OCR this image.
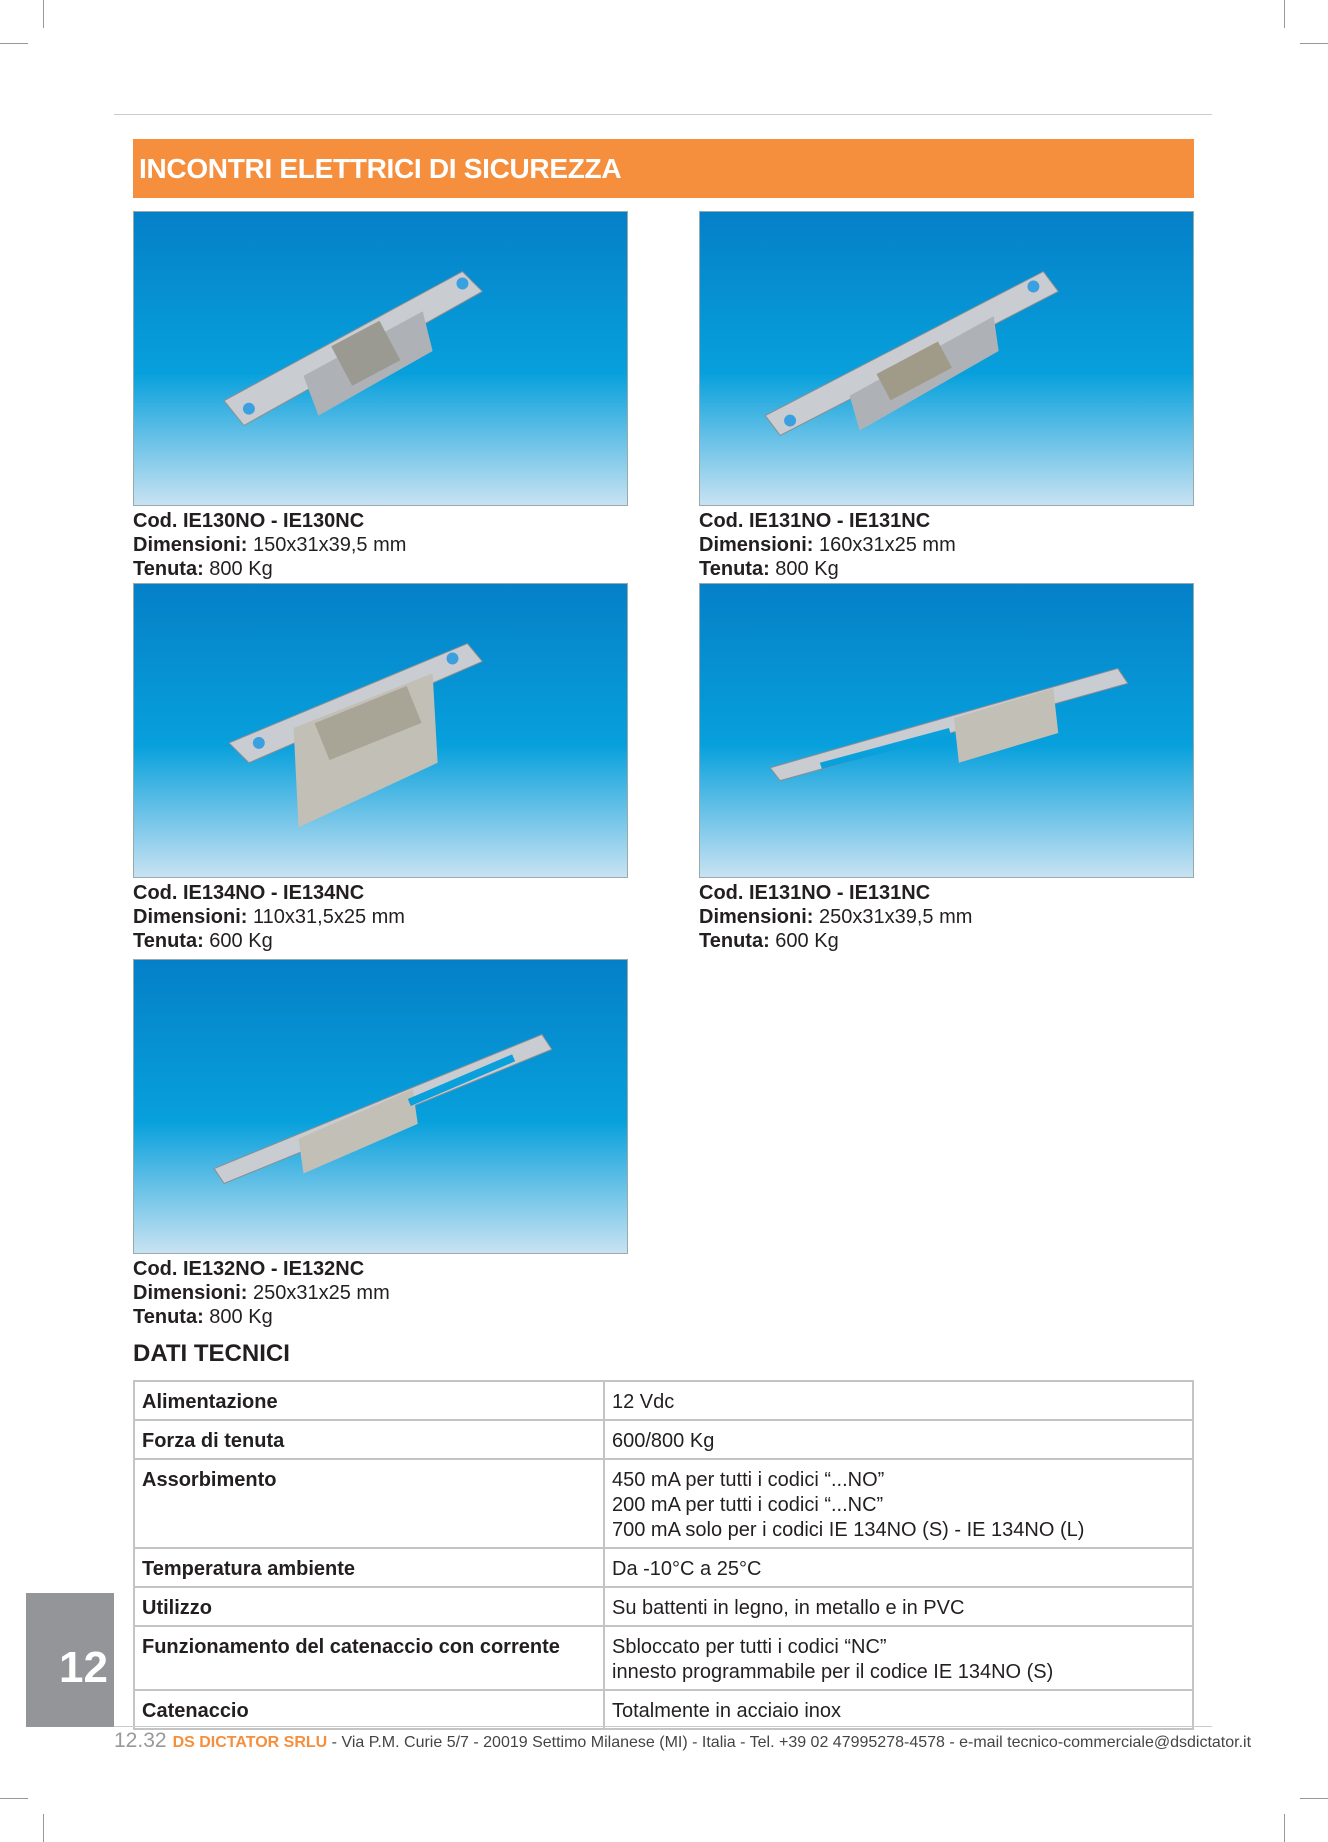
INCONTRI ELETTRICI DI SICUREZZA
Cod. IE130NO - IE130NC
Dimensioni: 150x31x39,5 mm
Tenuta: 800 Kg
Cod. IE131NO - IE131NC
Dimensioni: 160x31x25 mm
Tenuta: 800 Kg
Cod. IE134NO - IE134NC
Dimensioni: 110x31,5x25 mm
Tenuta: 600 Kg
Cod. IE131NO - IE131NC
Dimensioni: 250x31x39,5 mm
Tenuta: 600 Kg
Cod. IE132NO - IE132NC
Dimensioni: 250x31x25 mm
Tenuta: 800 Kg
DATI TECNICI
Alimentazione	12 Vdc

Forza di tenuta	600/800 Kg

Assorbimento	450 mA per tutti i codici “...NO”
200 mA per tutti i codici “...NC”
700 mA solo per i codici IE 134NO (S) - IE 134NO (L)

Temperatura ambiente	Da -10°C a 25°C

Utilizzo	Su battenti in legno, in metallo e in PVC

Funzionamento del catenaccio con corrente	Sbloccato per tutti i codici “NC”
innesto programmabile per il codice IE 134NO (S)

Catenaccio	Totalmente in acciaio inox
12
12.32 DS DICTATOR SRLU - Via P.M. Curie 5/7 - 20019 Settimo Milanese (MI) - Italia - Tel. +39 02 47995278-4578 - e-mail tecnico-commerciale@dsdictator.it
